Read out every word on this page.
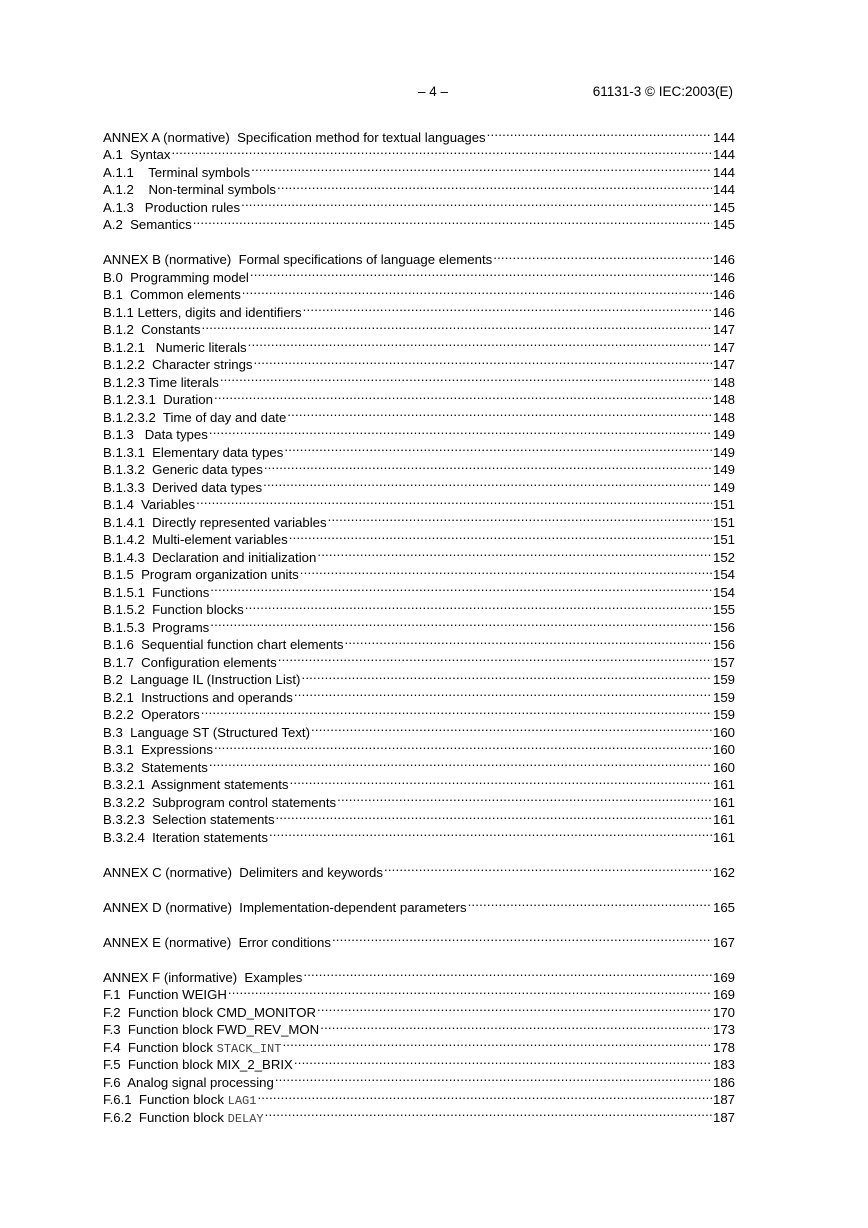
– 4 –	61131-3 © IEC:2003(E)
ANNEX A (normative)  Specification method for textual languages .....	144
A.1  Syntax .....	144
A.1.1    Terminal symbols .....	144
A.1.2    Non-terminal symbols .....	144
A.1.3   Production rules .....	145
A.2  Semantics .....	145
ANNEX B (normative)  Formal specifications of language elements .....	146
B.0  Programming model .....	146
B.1  Common elements .....	146
B.1.1 Letters, digits and identifiers .....	146
B.1.2  Constants .....	147
B.1.2.1   Numeric literals .....	147
B.1.2.2  Character strings .....	147
B.1.2.3 Time literals .....	148
B.1.2.3.1  Duration .....	148
B.1.2.3.2  Time of day and date .....	148
B.1.3   Data types .....	149
B.1.3.1  Elementary data types .....	149
B.1.3.2  Generic data types .....	149
B.1.3.3  Derived data types .....	149
B.1.4  Variables .....	151
B.1.4.1  Directly represented variables .....	151
B.1.4.2  Multi-element variables .....	151
B.1.4.3  Declaration and initialization .....	152
B.1.5  Program organization units .....	154
B.1.5.1  Functions .....	154
B.1.5.2  Function blocks .....	155
B.1.5.3  Programs .....	156
B.1.6  Sequential function chart elements .....	156
B.1.7  Configuration elements .....	157
B.2  Language IL (Instruction List) .....	159
B.2.1  Instructions and operands .....	159
B.2.2  Operators .....	159
B.3  Language ST (Structured Text) .....	160
B.3.1  Expressions .....	160
B.3.2  Statements .....	160
B.3.2.1  Assignment statements .....	161
B.3.2.2  Subprogram control statements .....	161
B.3.2.3  Selection statements .....	161
B.3.2.4  Iteration statements .....	161
ANNEX C (normative)  Delimiters and keywords .....	162
ANNEX D (normative)  Implementation-dependent parameters .....	165
ANNEX E (normative)  Error conditions .....	167
ANNEX F (informative)  Examples .....	169
F.1  Function WEIGH .....	169
F.2  Function block CMD_MONITOR .....	170
F.3  Function block FWD_REV_MON .....	173
F.4  Function block STACK_INT .....	178
F.5  Function block MIX_2_BRIX .....	183
F.6  Analog signal processing .....	186
F.6.1  Function block LAG1 .....	187
F.6.2  Function block DELAY .....	187
